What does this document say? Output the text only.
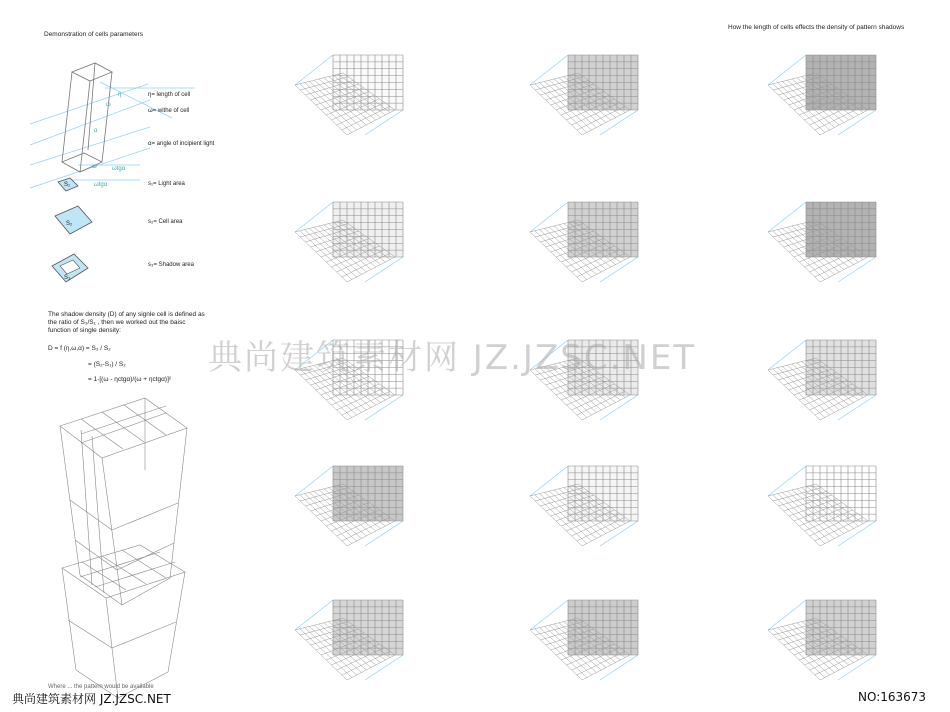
Demonstration of cells parameters
How the length of cells effects the density of pattern shadows
η
ω
α
ω	ωtgα
ωtgα
S₁
S₂
S₃
η= length of cell
ω= withe of cell
α= angle of incipient light
s₁= Light area
s₂= Cell area
s₃= Shadow area
The shadow density (D) of any signle cell is defined as the ratio of S₃/S₁ , then we worked out the baisc function of single density:
D = f (η,ω,α) = S₃ / S₂
= (S₂-S₁) / S₂
= 1-[(ω - ηctgα)/(ω + ηctgα)]²
Where ... the pattern would be available
典尚建筑素材网 JZ.JZSC.NET
典尚建筑素材网 JZ.JZSC.NET	NO:163673
